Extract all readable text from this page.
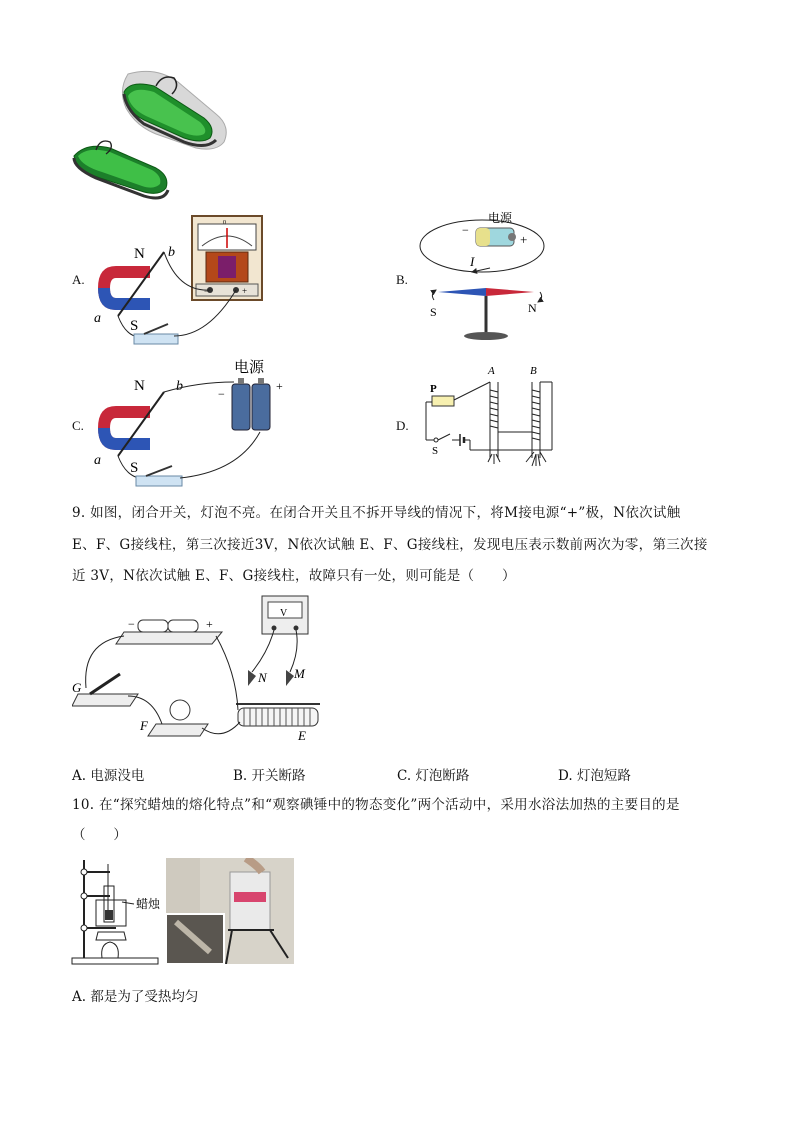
A.
0
−	+
N
S
b
a
B.
电源
−
+
I
S	N
C.
N
S
b
a
电源
−
+
D.
P
A	B
S
9. 如图，闭合开关，灯泡不亮。在闭合开关且不拆开导线的情况下，将M接电源“+”极，N依次试触
E、F、G接线柱，第三次接近3V，N依次试触 E、F、G接线柱，发现电压表示数前两次为零，第三次接
近 3V，N依次试触 E、F、G接线柱，故障只有一处，则可能是（　　）
−	+
V
G
F
E
N M
A. 电源没电	B. 开关断路	C. 灯泡断路	D. 灯泡短路
10. 在“探究蜡烛的熔化特点”和“观察碘锤中的物态变化”两个活动中，采用水浴法加热的主要目的是
（　　）
蜡烛
A. 都是为了受热均匀
